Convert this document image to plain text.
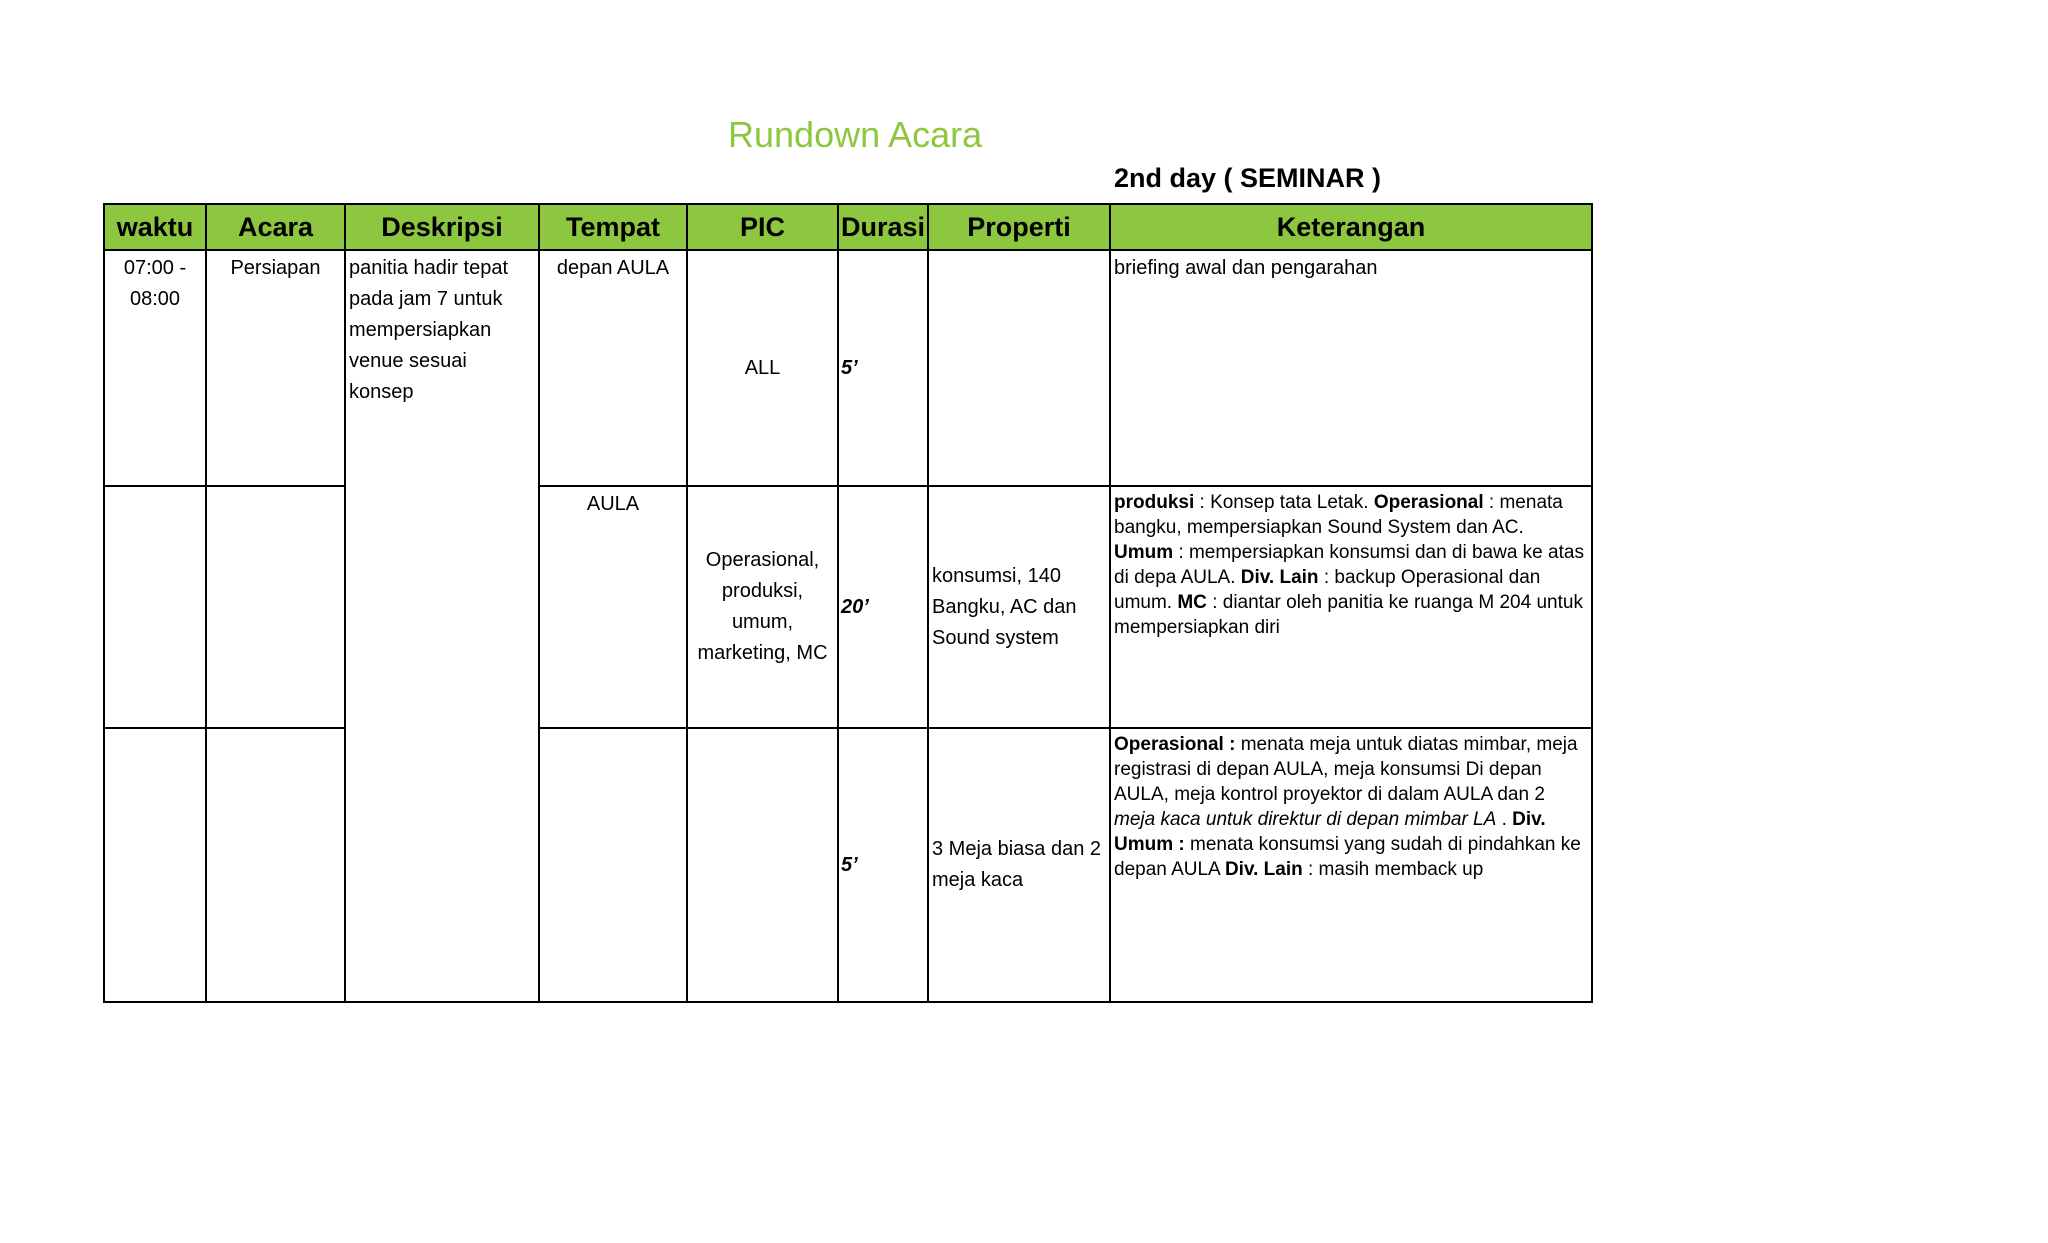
Rundown Acara
2nd day ( SEMINAR )
waktu	Acara	Deskripsi	Tempat	PIC	Durasi	Properti	Keterangan
07:00 - 08:00	Persiapan	panitia hadir tepat pada jam 7 untuk mempersiapkan venue sesuai konsep	depan AULA	ALL	5’		briefing awal dan pengarahan
			AULA	Operasional, produksi, umum, marketing, MC	20’	konsumsi, 140 Bangku, AC dan Sound system	produksi : Konsep tata Letak. Operasional : menata bangku, mempersiapkan Sound System dan AC. Umum : mempersiapkan konsumsi dan di bawa ke atas di depa AULA. Div. Lain : backup Operasional dan umum. MC : diantar oleh panitia ke ruanga M 204 untuk mempersiapkan diri
					5’	3 Meja biasa dan 2 meja kaca	Operasional : menata meja untuk diatas mimbar, meja registrasi di depan AULA, meja konsumsi Di depan AULA, meja kontrol proyektor di dalam AULA dan 2 meja kaca untuk direktur di depan mimbar LA . Div. Umum : menata konsumsi yang sudah di pindahkan ke depan AULA Div. Lain : masih memback up
